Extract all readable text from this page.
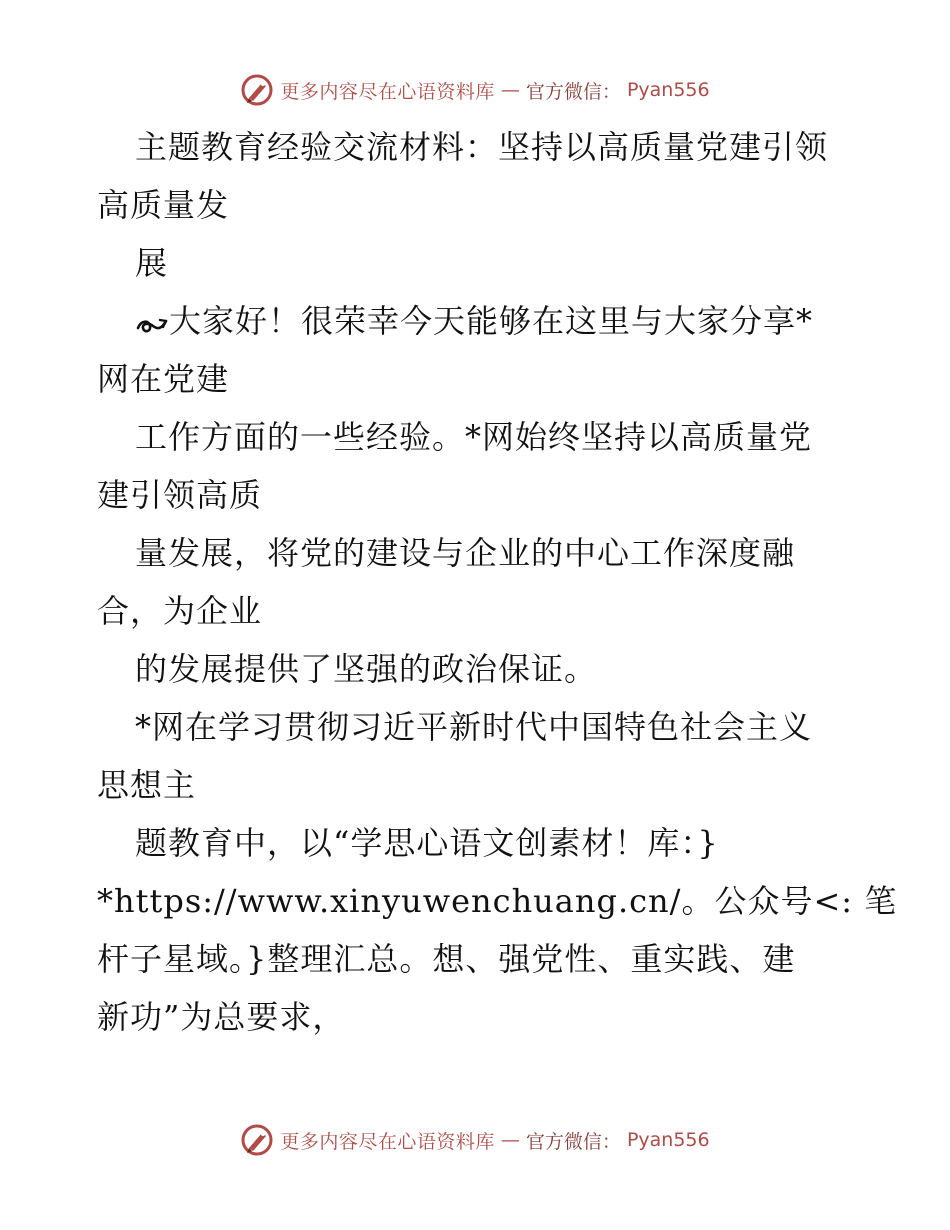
更多内容尽在心语资料库 — 官方微信： Pyan556
主题教育经验交流材料：坚持以高质量党建引领
高质量发
展
大家好！很荣幸今天能够在这里与大家分享*
网在党建
工作方面的一些经验。*网始终坚持以高质量党
建引领高质
量发展，将党的建设与企业的中心工作深度融
合，为企业
的发展提供了坚强的政治保证。
*网在学习贯彻习近平新时代中国特色社会主义
思想主
题教育中，以“学思心语文创素材！库：}
*https://www.xinyuwenchuang.cn/。公众号<: 笔
杆子星域。}整理汇总。想、强党性、重实践、建
新功”为总要求，
更多内容尽在心语资料库 — 官方微信： Pyan556
